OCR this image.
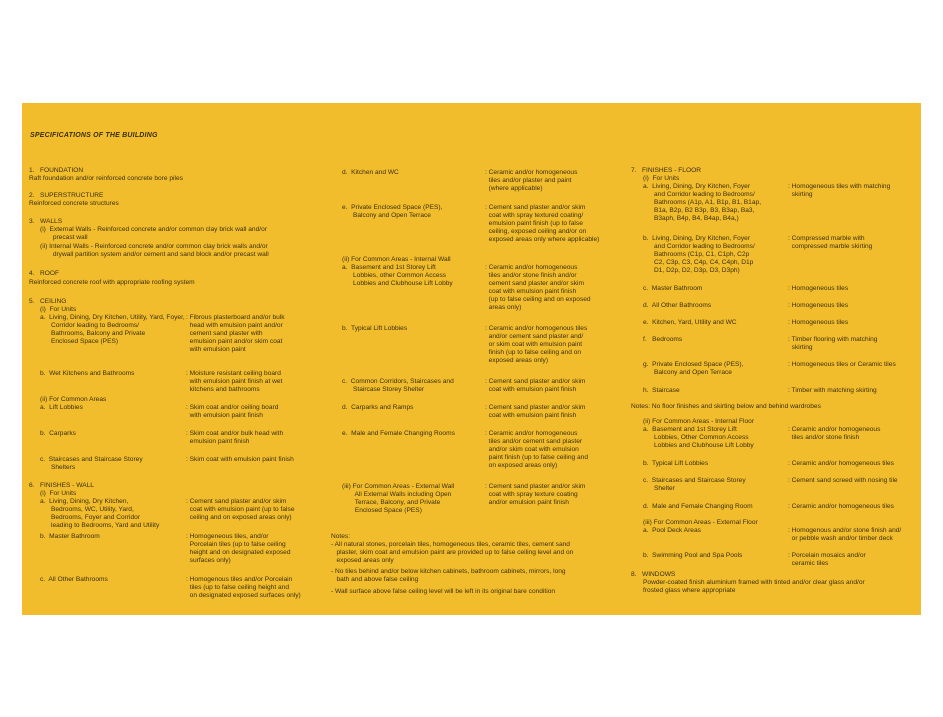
SPECIFICATIONS OF THE BUILDING
1.   FOUNDATION
Raft foundation and/or reinforced concrete bore piles
2.   SUPERSTRUCTURE
Reinforced concrete structures
3.   WALLS
(i)  External Walls - Reinforced concrete and/or common clay brick wall and/or
precast wall
(ii) Internal Walls - Reinforced concrete and/or common clay brick walls and/or
drywall partition system and/or cement and sand block and/or precast wall
4.   ROOF
Reinforced concrete roof with appropriate roofing system
5.   CEILING
(i)  For Units
a.  Living, Dining, Dry Kitchen, Utility, Yard, Foyer,
Corridor leading to Bedrooms/
Bathrooms, Balcony and Private
Enclosed Space (PES)
: Fibrous plasterboard and/or bulk
head with emulsion paint and/or
cement sand plaster with
emulsion paint and/or skim coat
with emulsion paint
b.  Wet Kitchens and Bathrooms	: Moisture resistant ceiling board
with emulsion paint finish at wet
kitchens and bathrooms
(ii) For Common Areas
a.  Lift Lobbies	: Skim coat and/or ceiling board
with emulsion paint finish
b.  Carparks	: Skim coat and/or bulk head with
emulsion paint finish
c.  Staircases and Staircase Storey
Shelters
: Skim coat with emulsion paint finish
6.   FINISHES - WALL
(i)  For Units
a.  Living, Dining, Dry Kitchen,
Bedrooms, WC, Utility, Yard,
Bedrooms, Foyer and Corridor
leading to Bedrooms, Yard and Utility
: Cement sand plaster and/or skim
coat with emulsion paint (up to false
ceiling and on exposed areas only)
b.  Master Bathroom	: Homogeneous tiles, and/or
Porcelain tiles (up to false ceiling
height and on designated exposed
surfaces only)
c.  All Other Bathrooms	: Homogenous tiles and/or Porcelain
tiles (up to false ceiling height and
on designated exposed surfaces only)
d.  Kitchen and WC	: Ceramic and/or homogeneous
tiles and/or plaster and paint
(where applicable)
e.  Private Enclosed Space (PES),
Balcony and Open Terrace
: Cement sand plaster and/or skim
coat with spray textured coating/
emulsion paint finish (up to false
ceiling, exposed ceiling and/or on
exposed areas only where applicable)
(ii) For Common Areas - Internal Wall
a.  Basement and 1st Storey Lift
Lobbies, other Common Access
Lobbies and Clubhouse Lift Lobby
: Ceramic and/or homogeneous
tiles and/or stone finish and/or
cement sand plaster and/or skim
coat with emulsion paint finish
(up to false ceiling and on exposed
areas only)
b.  Typical Lift Lobbies	: Ceramic and/or homogenous tiles
and/or cement sand plaster and/
or skim coat with emulsion paint
finish (up to false ceiling and on
exposed areas only)
c.  Common Corridors, Staircases and
Staircase Storey Shelter
: Cement sand plaster and/or skim
coat with emulsion paint finish
d.  Carparks and Ramps	: Cement sand plaster and/or skim
coat with emulsion paint finish
e.  Male and Female Changing Rooms	: Ceramic and/or homogeneous
tiles and/or cement sand plaster
and/or skim coat with emulsion
paint finish (up to false ceiling and
on exposed areas only)
(iii) For Common Areas - External Wall
All External Walls including Open
Terrace, Balcony, and Private
Enclosed Space (PES)
: Cement sand plaster and/or skim
coat with spray texture coating
and/or emulsion paint finish
Notes:
- All natural stones, porcelain tiles, homogeneous tiles, ceramic tiles, cement sand
plaster, skim coat and emulsion paint are provided up to false ceiling level and on
exposed areas only
- No tiles behind and/or below kitchen cabinets, bathroom cabinets, mirrors, long
bath and above false ceiling
- Wall surface above false ceiling level will be left in its original bare condition
7.   FINISHES - FLOOR
(i)  For Units
a.  Living, Dining, Dry Kitchen, Foyer
and Corridor leading to Bedrooms/
Bathrooms (A1p, A1, B1p, B1, B1ap,
B1a, B2p, B2 B3p, B3, B3ap, Ba3,
B3aph, B4p, B4, B4ap, B4a,)
: Homogeneous tiles with matching
skirting
b.  Living, Dining, Dry Kitchen, Foyer
and Corridor leading to Bedrooms/
Bathrooms (C1p, C1, C1ph, C2p
C2, C3p, C3, C4p, C4, C4ph, D1p
D1, D2p, D2, D3p, D3, D3ph)
: Compressed marble with
compressed marble skirting
c.  Master Bathroom	: Homogeneous tiles
d.  All Other Bathrooms	: Homogeneous tiles
e.  Kitchen, Yard, Utility and WC	: Homogeneous tiles
f.   Bedrooms	: Timber flooring with matching
skirting
g.  Private Enclosed Space (PES),
Balcony and Open Terrace
: Homogeneous tiles or Ceramic tiles
h.  Staircase	: Timber with matching skirting
Notes: No floor finishes and skirting below and behind wardrobes
(ii) For Common Areas - Internal Floor
a.  Basement and 1st Storey Lift
Lobbies, Other Common Access
Lobbies and Clubhouse Lift Lobby
: Ceramic and/or homogeneous
tiles and/or stone finish
b.  Typical Lift Lobbies	: Ceramic and/or homogeneous tiles
c.  Staircases and Staircase Storey
Shelter
: Cement sand screed with nosing tile
d.  Male and Female Changing Room	: Ceramic and/or homogeneous tiles
(iii) For Common Areas - External Floor
a.  Pool Deck Areas	: Homogenous and/or stone finish and/
or pebble wash and/or timber deck
b.  Swimming Pool and Spa Pools	: Porcelain mosaics and/or
ceramic tiles
8.   WINDOWS
Powder-coated finish aluminium framed with tinted and/or clear glass and/or
frosted glass where appropriate
